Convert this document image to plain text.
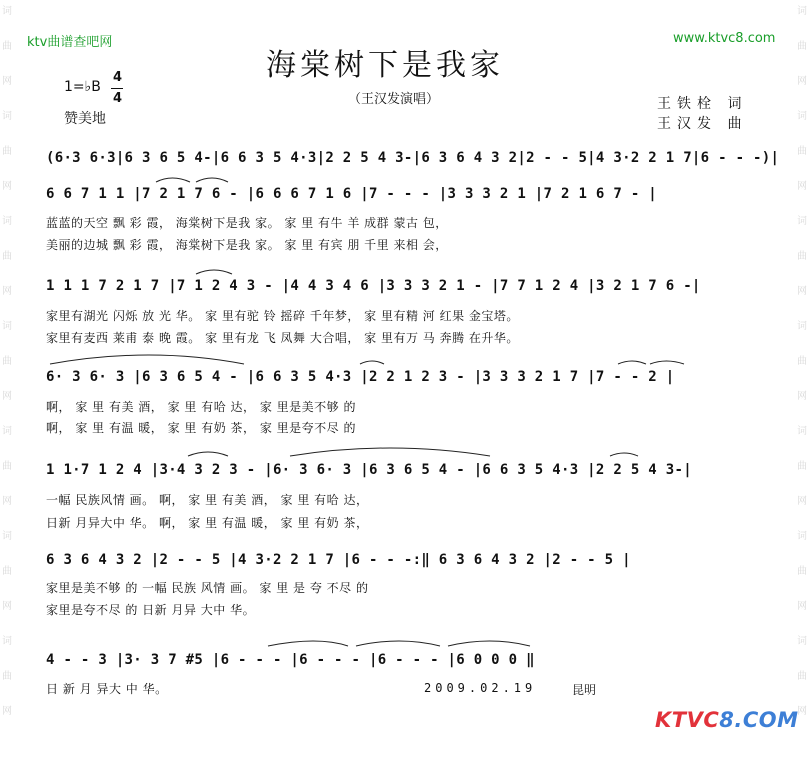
词
曲
网
词
曲
网
词
曲
网
词
曲
网
词
曲
网
词
曲
网
词
曲
网
词
曲
网
词
曲
网
词
曲
网
词
曲
网
词
曲
网
词
曲
网
词
曲
网
ktv曲谱查吧网	www.ktvc8.com
海棠树下是我家
（王汉发演唱）
1=♭B
4
4
赞美地
王铁栓 词
王汉发 曲
(6·3 6·3|6 3 6 5 4-|6 6 3 5 4·3|2 2 5 4 3-|6 3 6 4 3 2|2 - - 5|4 3·2 2 1 7|6 - - -)|
6 6 7 1 1 |7 2 1 7 6 - |6 6 6 7 1 6 |7 - - - |3 3 3 2 1 |7 2 1 6 7 - |
蓝蓝的天空 飘 彩 霞， 海棠树下是我 家。 家 里 有牛 羊 成群 蒙古 包，
美丽的边城 飘 彩 霞， 海棠树下是我 家。 家 里 有宾 朋 千里 来相 会，
1 1 1 7 2 1 7 |7 1 2 4 3 - |4 4 3 4 6 |3 3 3 2 1 - |7 7 1 2 4 |3 2 1 7 6 -|
家里有湖光 闪烁 放 光 华。 家 里有驼 铃 摇碎 千年梦， 家 里有精 河 红果 金宝塔。
家里有麦西 莱甫 泰 晚 霞。 家 里有龙 飞 凤舞 大合唱， 家 里有万 马 奔腾 在升华。
6· 3 6· 3 |6 3 6 5 4 - |6 6 3 5 4·3 |2 2 1 2 3 - |3 3 3 2 1 7 |7 - - 2 |
啊， 家 里 有美 酒， 家 里 有哈 达， 家 里是美不够 的
啊， 家 里 有温 暖， 家 里 有奶 茶， 家 里是夸不尽 的
1 1·7 1 2 4 |3·4 3 2 3 - |6· 3 6· 3 |6 3 6 5 4 - |6 6 3 5 4·3 |2 2 5 4 3-|
一幅 民族风情 画。 啊， 家 里 有美 酒， 家 里 有哈 达，
日新 月异大中 华。 啊， 家 里 有温 暖， 家 里 有奶 茶，
6 3 6 4 3 2 |2 - - 5 |4 3·2 2 1 7 |6 - - -:‖ 6 3 6 4 3 2 |2 - - 5 |
家里是美不够 的 一幅 民族 风情 画。 家 里 是 夸 不尽 的
家里是夸不尽 的 日新 月异 大中 华。
4 - - 3 |3· 3 7 #5 |6 - - - |6 - - - |6 - - - |6 0 0 0 ‖
日 新 月 异大 中 华。	2009.02.19	昆明
KTVC8.COM
